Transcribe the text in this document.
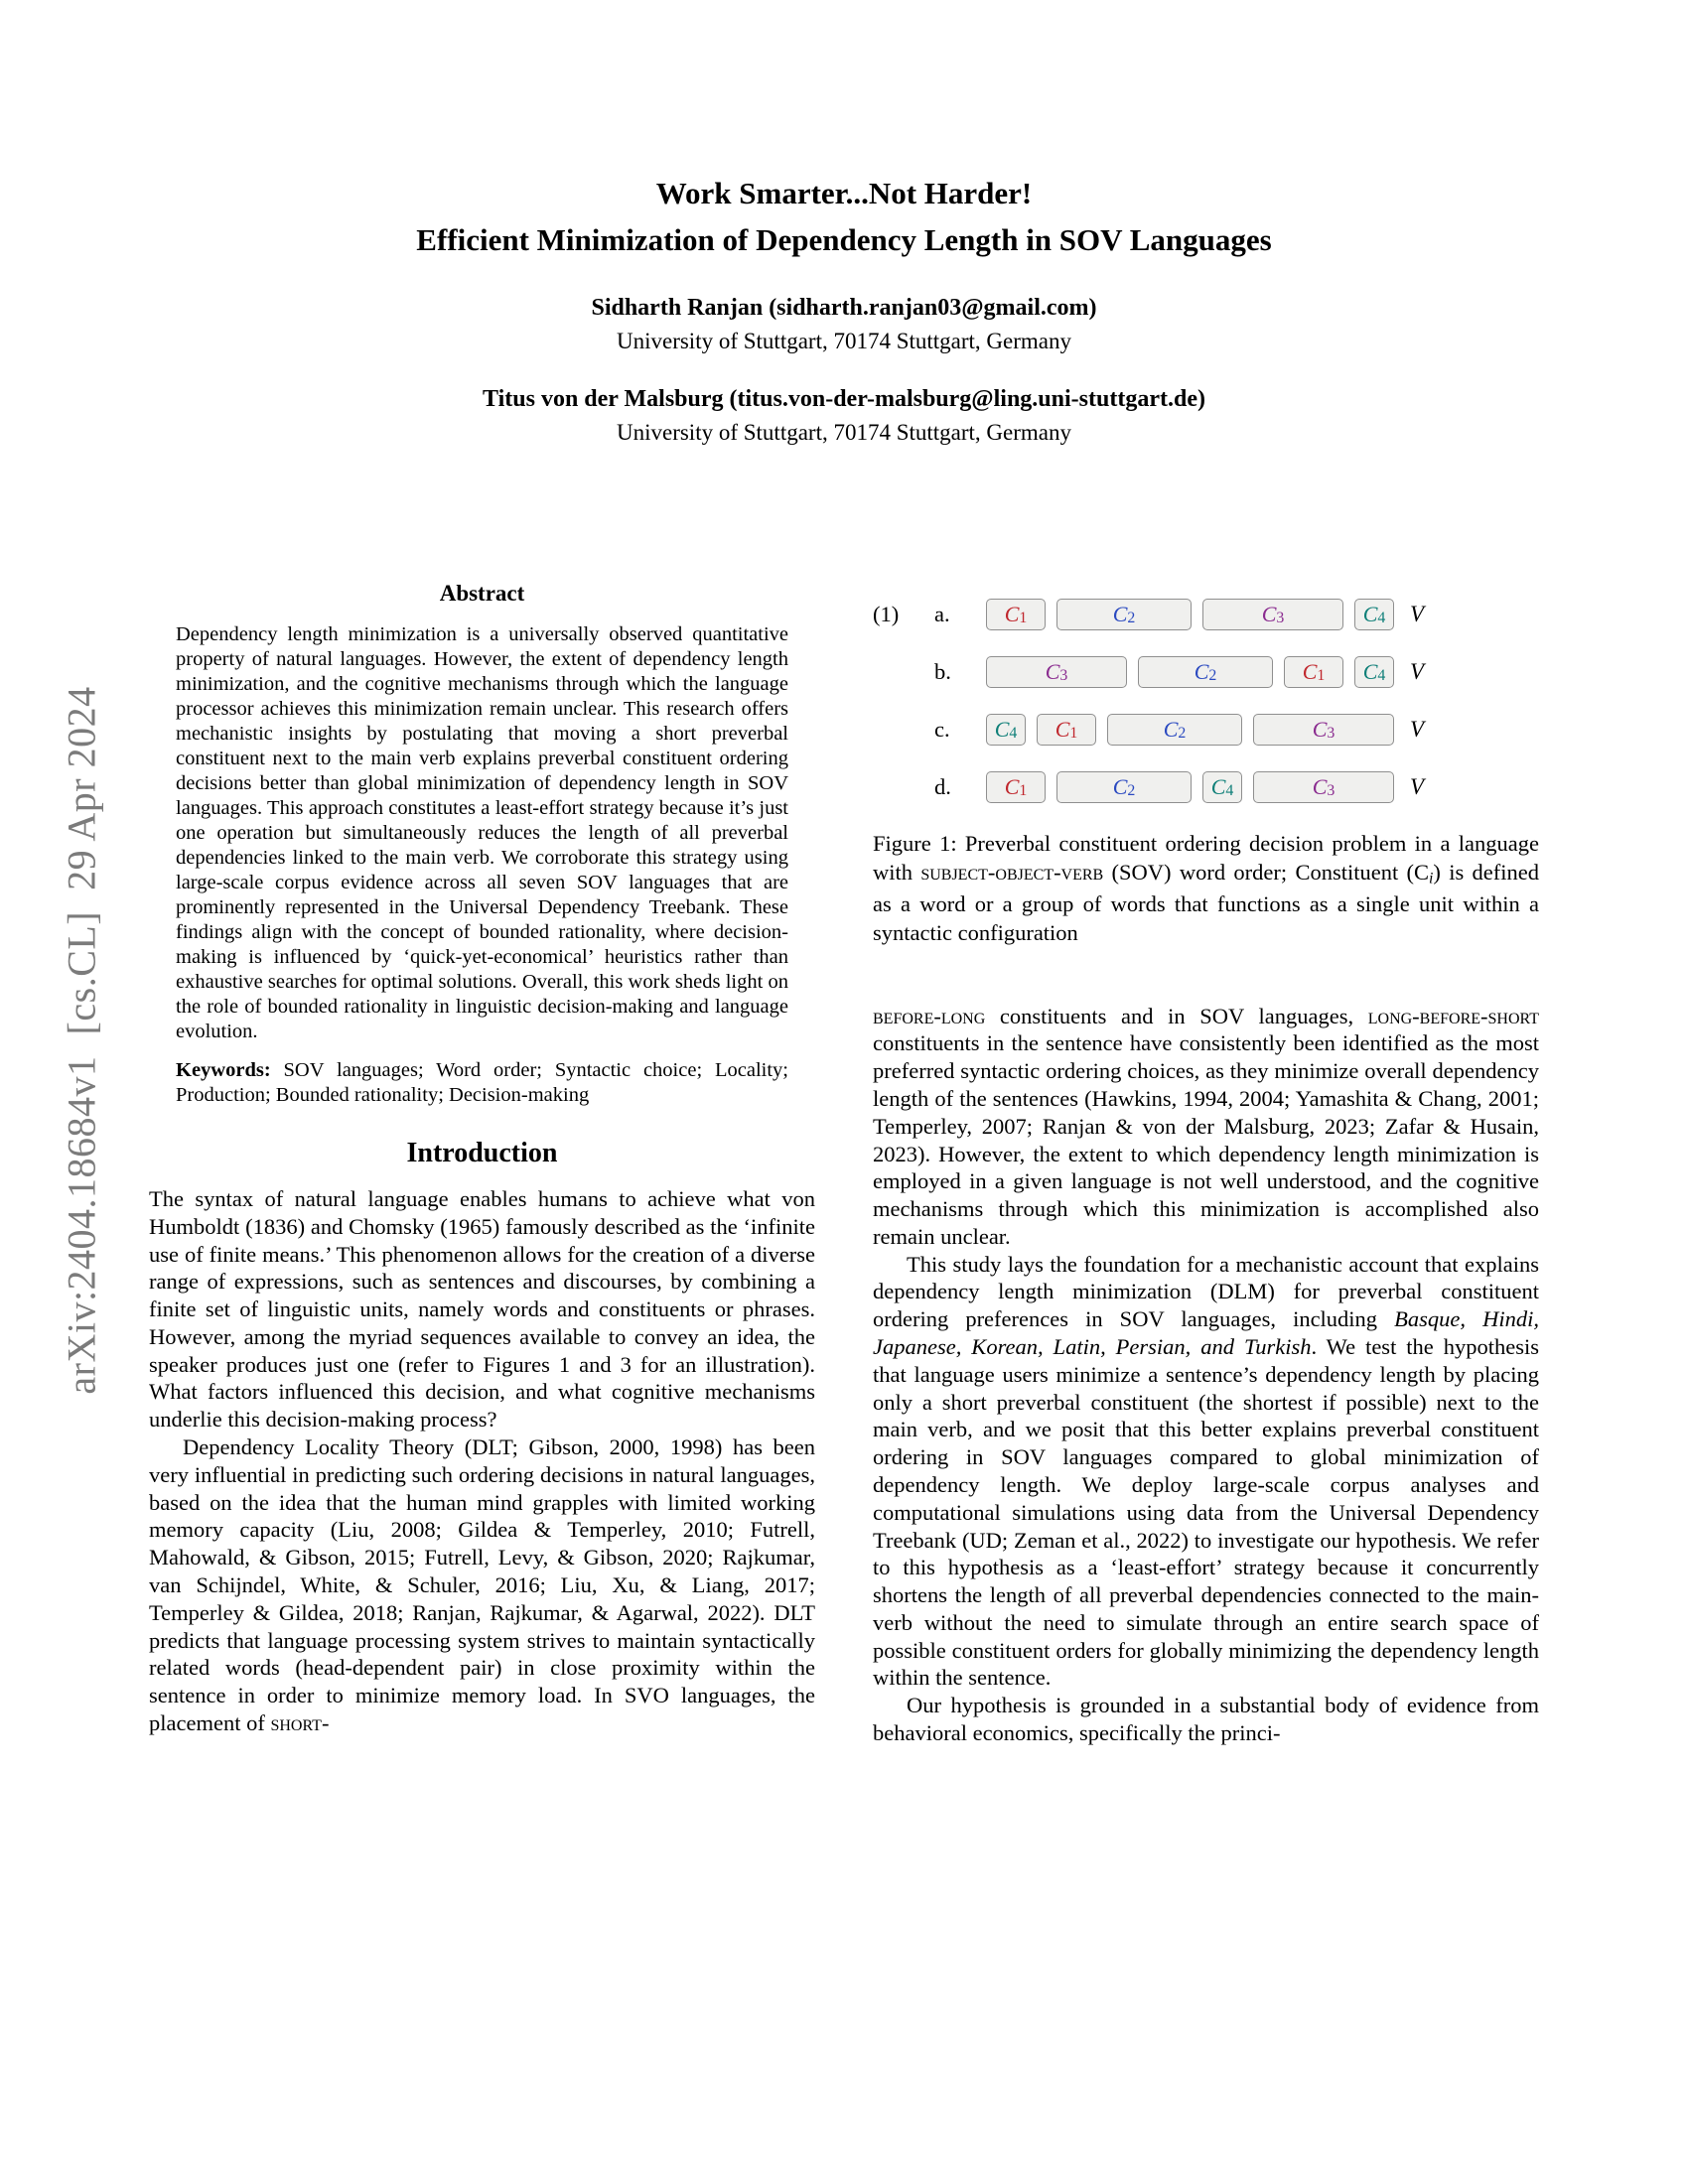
arXiv:2404.18684v1  [cs.CL]  29 Apr 2024
Work Smarter...Not Harder!
Efficient Minimization of Dependency Length in SOV Languages
Sidharth Ranjan (sidharth.ranjan03@gmail.com)
University of Stuttgart, 70174 Stuttgart, Germany
Titus von der Malsburg (titus.von-der-malsburg@ling.uni-stuttgart.de)
University of Stuttgart, 70174 Stuttgart, Germany
Abstract

Dependency length minimization is a universally observed quantitative property of natural languages. However, the extent of dependency length minimization, and the cognitive mechanisms through which the language processor achieves this minimization remain unclear. This research offers mechanistic insights by postulating that moving a short preverbal constituent next to the main verb explains preverbal constituent ordering decisions better than global minimization of dependency length in SOV languages. This approach constitutes a least-effort strategy because it’s just one operation but simultaneously reduces the length of all preverbal dependencies linked to the main verb. We corroborate this strategy using large-scale corpus evidence across all seven SOV languages that are prominently represented in the Universal Dependency Treebank. These findings align with the concept of bounded rationality, where decision-making is influenced by ‘quick-yet-economical’ heuristics rather than exhaustive searches for optimal solutions. Overall, this work sheds light on the role of bounded rationality in linguistic decision-making and language evolution.

Keywords: SOV languages; Word order; Syntactic choice; Locality; Production; Bounded rationality; Decision-making

Introduction

The syntax of natural language enables humans to achieve what von Humboldt (1836) and Chomsky (1965) famously described as the ‘infinite use of finite means.’ This phenomenon allows for the creation of a diverse range of expressions, such as sentences and discourses, by combining a finite set of linguistic units, namely words and constituents or phrases. However, among the myriad sequences available to convey an idea, the speaker produces just one (refer to Figures 1 and 3 for an illustration). What factors influenced this decision, and what cognitive mechanisms underlie this decision-making process?

Dependency Locality Theory (DLT; Gibson, 2000, 1998) has been very influential in predicting such ordering decisions in natural languages, based on the idea that the human mind grapples with limited working memory capacity (Liu, 2008; Gildea & Temperley, 2010; Futrell, Mahowald, & Gibson, 2015; Futrell, Levy, & Gibson, 2020; Rajkumar, van Schijndel, White, & Schuler, 2016; Liu, Xu, & Liang, 2017; Temperley & Gildea, 2018; Ranjan, Rajkumar, & Agarwal, 2022). DLT predicts that language processing system strives to maintain syntactically related words (head-dependent pair) in close proximity within the sentence in order to minimize memory load. In SVO languages, the placement of short-

(1)	a.	C 1	C 2	C 3	C 4 V
b.	C 3	C 2	C 1 C 4 V
c.	C 4 C 1	C 2	C 3	V
d.	C 1	C 2	C 4	C 3	V
Figure 1: Preverbal constituent ordering decision problem in a language with subject-object-verb (SOV) word order; Constituent (Ci) is defined as a word or a group of words that functions as a single unit within a syntactic configuration

before-long constituents and in SOV languages, long-before-short constituents in the sentence have consistently been identified as the most preferred syntactic ordering choices, as they minimize overall dependency length of the sentences (Hawkins, 1994, 2004; Yamashita & Chang, 2001; Temperley, 2007; Ranjan & von der Malsburg, 2023; Zafar & Husain, 2023). However, the extent to which dependency length minimization is employed in a given language is not well understood, and the cognitive mechanisms through which this minimization is accomplished also remain unclear.

This study lays the foundation for a mechanistic account that explains dependency length minimization (DLM) for preverbal constituent ordering preferences in SOV languages, including Basque, Hindi, Japanese, Korean, Latin, Persian, and Turkish. We test the hypothesis that language users minimize a sentence’s dependency length by placing only a short preverbal constituent (the shortest if possible) next to the main verb, and we posit that this better explains preverbal constituent ordering in SOV languages compared to global minimization of dependency length. We deploy large-scale corpus analyses and computational simulations using data from the Universal Dependency Treebank (UD; Zeman et al., 2022) to investigate our hypothesis. We refer to this hypothesis as a ‘least-effort’ strategy because it concurrently shortens the length of all preverbal dependencies connected to the main-verb without the need to simulate through an entire search space of possible constituent orders for globally minimizing the dependency length within the sentence.

Our hypothesis is grounded in a substantial body of evidence from behavioral economics, specifically the princi-
